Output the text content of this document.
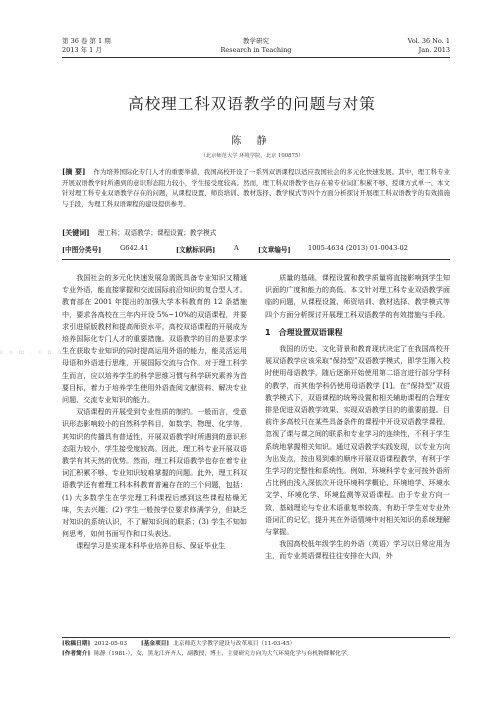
第 36 卷 第 1 期
2013 年 1 月
教学研究
Research in Teaching
Vol. 36 No. 1
Jan. 2013
高校理工科双语教学的问题与对策
陈 静
（北京师范大学 环境学院，北京 100875）
[摘 要] 作为培养国际化专门人才的重要举措，我国高校开设了一系列双语课程以适应我国社会的多元化快速发展。其中，理工科专业开展双语教学时所遇到的意识形态阻力较小，学生接受度较高。然而，理工科双语教学也存在着专业词汇积累不够、授课方式单一、本文针对理工科专业双语教学存在的问题，从课程设置、师资培训、教材选择、教学模式等四个方面分析探讨开展理工科双语教学的有效措施与手段，为理工科双语课程的建设提供参考。
[关键词] 理工科；双语教学；课程设置；教学模式
[中图分类号]	G642.41	[文献标识码]	A	[文章编号]	1005-4634 (2013) 01-0043-02
c o m . c n A

我国社会的多元化快速发展急需既具备专业知识又精通专业外语，能直接掌握和交流国际前沿知识的复合型人才。教育部在 2001 年提出的加强大学本科教育的 12 条措施中，要求各高校在三年内开设 5%~10%的双语课程，并要求引进原版教材和提高师资水平。高校双语课程的开展成为培养国际化专门人才的重要措施。双语教学的目的是要求学生在获取专业知识的同时提高运用外语的能力，能灵活运用母语和外语进行思维，开展国际交流与合作。对于理工科学生而言，应以培养学生的科学思维习惯与科学研究素养为首要目标，着力于培养学生使用外语查阅文献资料、解决专业问题、交流专业知识的能力。

双语课程的开展受到专业性质的制约。一般而言，受意识形态影响较小的自然科学科目，如数学、物理、化学等，其知识的传播具有普适性，开展双语教学时所遇到的意识形态阻力较小，学生接受度较高。因此，理工科专业开展双语教学有其天然的优势。然而，理工科双语教学也存在着专业词汇积累不够、专业知识较难掌握的问题。此外，理工科双语教学还有着理工科本科教育普遍存在的三个问题，包括：(1) 大多数学生在学完理工科课程后感到这些课程枯燥无味，失去兴趣；(2) 学生一般按学位要求修满学分，但缺乏对知识的系统认识，不了解知识间的联系；(3) 学生不知如何思考，如何书面写作和口头表达。

课程学习是实现本科毕业培养目标、保证毕业生

质量的基础，课程设置和教学质量将直接影响到学生知识面的广度和能力的高低。本文针对理工科专业双语教学面临的问题，从课程设置、师资培训、教材选择、教学模式等四个方面分析探讨开展理工科双语教学的有效措施与手段。

1 合理设置双语课程

我国的历史、文化背景和教育现状决定了在我国高校开展双语教学应该采取“保持型”双语教学模式，即学生刚入校时使用母语教学，随后逐渐开始使用第二语言进行部分学科的教学，而其他学科仍使用母语教学 [1]。在“保持型”双语教学模式下，双语课程的统筹设置和相关辅助课程的合理安排是促进双语教学效果、实现双语教学目的的重要前提。目前许多高校只在某些具备条件的课程中开设双语教学课程，忽视了课与课之间的联系和专业学习的连续性，不利于学生系统地掌握相关知识。通过双语教学实践发现，以专业方向为出发点，按由易到难的顺序开展双语课程教学，有利于学生学习的完整性和系统性。例如，环境科学专业可按外语所占比例由浅入深依次开设环境科学概论、环境地学、环境水文学、环境化学、环境监测等双语课程。由于专业方向一致，基础理论与专业术语重复率较高，有助于学生对专业外语词汇的记忆，提升其在外语情境中对相关知识的系统理解与掌握。

我国高校低年级学生的外语（英语）学习以日常应用为主，而专业英语课程往往安排在大四，外

[收稿日期] 2012-05-03 [基金项目] 北京师范大学教学建设与改革项目（11-03-45）
[作者简介] 陈静（1981-），女，黑龙江齐齐人，副教授，博士，主要研究方向为大气环境化学与有机物降解化学。
